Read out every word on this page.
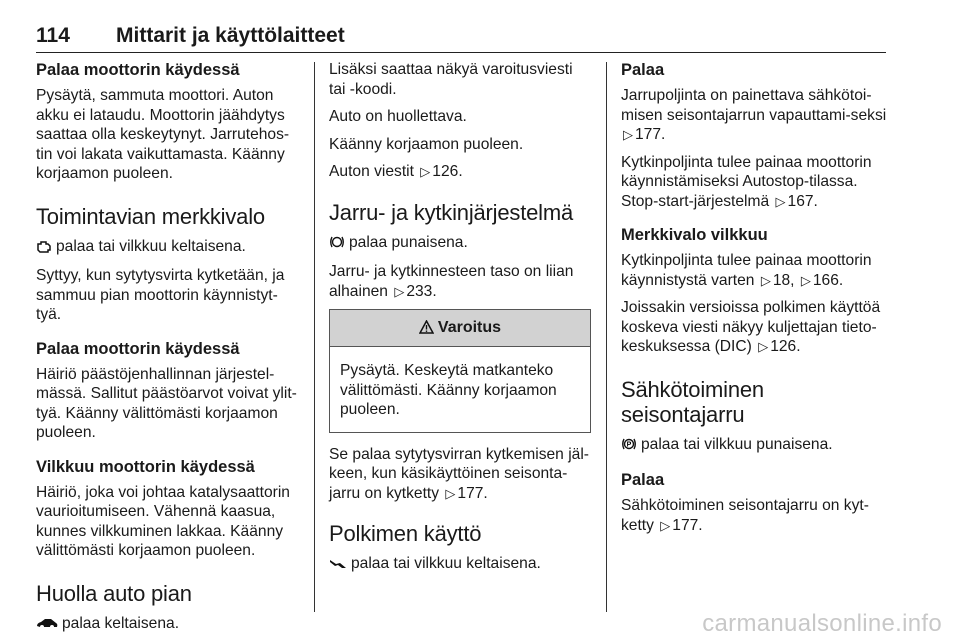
114 Mittarit ja käyttölaitteet
Palaa moottorin käydessä

Pysäytä, sammuta moottori. Auton akku ei lataudu. Moottorin jäähdytys saattaa olla keskeytynyt. Jarrutehos-tin voi lakata vaikuttamasta. Käänny korjaamon puoleen.

Toimintavian merkkivalo

palaa tai vilkkuu keltaisena.

Syttyy, kun sytytysvirta kytketään, ja sammuu pian moottorin käynnistyt-tyä.

Palaa moottorin käydessä

Häiriö päästöjenhallinnan järjestel-mässä. Sallitut päästöarvot voivat ylit-tyä. Käänny välittömästi korjaamon puoleen.

Vilkkuu moottorin käydessä

Häiriö, joka voi johtaa katalysaattorin vaurioitumiseen. Vähennä kaasua, kunnes vilkkuminen lakkaa. Käänny välittömästi korjaamon puoleen.

Huolla auto pian

palaa keltaisena.

Lisäksi saattaa näkyä varoitusviesti tai -koodi.

Auto on huollettava.

Käänny korjaamon puoleen.

Auton viestit ▷ 126.

Jarru- ja kytkinjärjestelmä

palaa punaisena.

Jarru- ja kytkinnesteen taso on liian alhainen ▷ 233.

Varoitus
Pysäytä. Keskeytä matkanteko välittömästi. Käänny korjaamon puoleen.

Se palaa sytytysvirran kytkemisen jäl-keen, kun käsikäyttöinen seisonta-jarru on kytketty ▷ 177.

Polkimen käyttö

palaa tai vilkkuu keltaisena.

Palaa

Jarrupoljinta on painettava sähkötoi-misen seisontajarrun vapauttami-seksi ▷ 177.

Kytkinpoljinta tulee painaa moottorin käynnistämiseksi Autostop-tilassa. Stop-start-järjestelmä ▷ 167.

Merkkivalo vilkkuu

Kytkinpoljinta tulee painaa moottorin käynnistystä varten ▷ 18, ▷ 166.

Joissakin versioissa polkimen käyttöä koskeva viesti näkyy kuljettajan tieto-keskuksessa (DIC) ▷ 126.

Sähkötoiminen
seisontajarru

P palaa tai vilkkuu punaisena.

Palaa

Sähkötoiminen seisontajarru on kyt-ketty ▷ 177.

carmanualsonline.info
